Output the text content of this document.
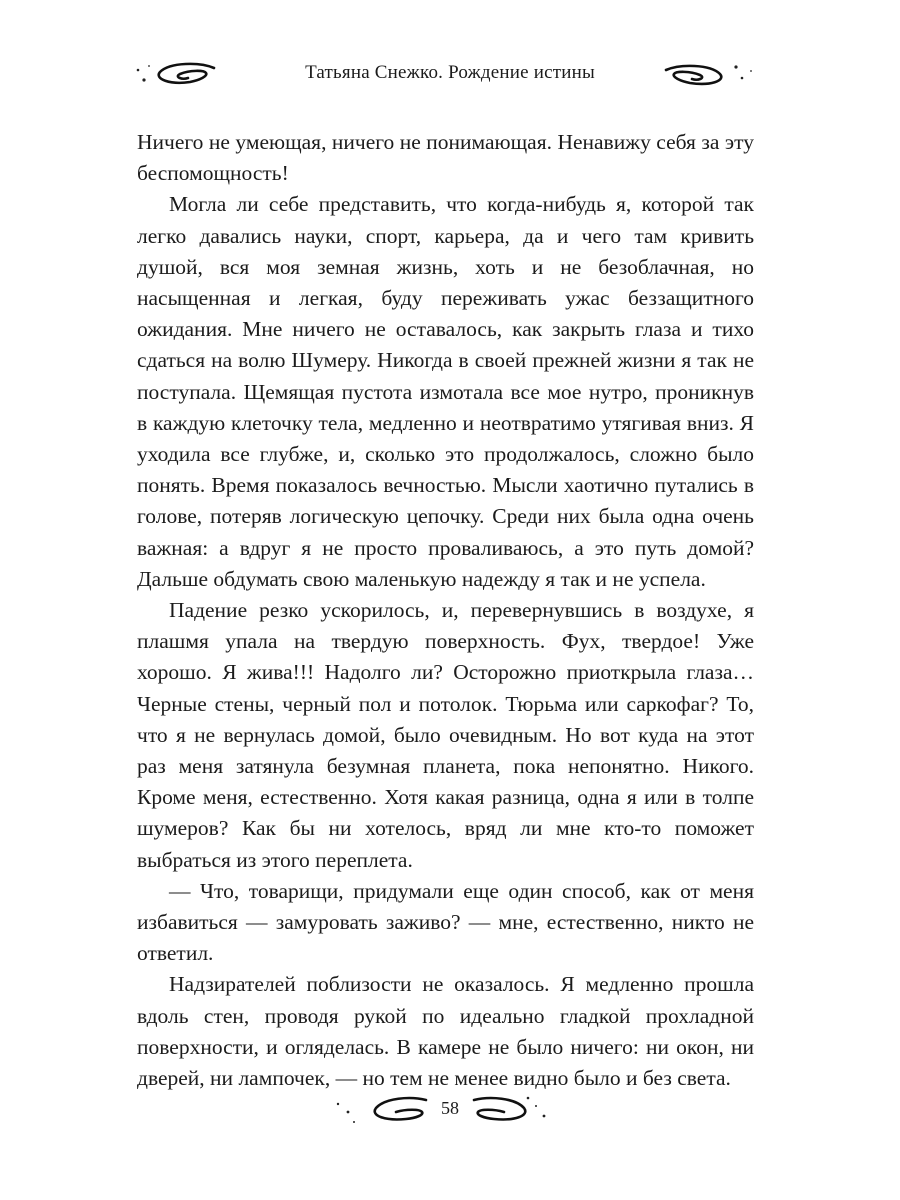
Татьяна Снежко. Рождение истины

Ничего не умеющая, ничего не понимающая. Ненавижу себя за эту беспомощность!

Могла ли себе представить, что когда-нибудь я, которой так легко давались науки, спорт, карьера, да и чего там кривить душой, вся моя земная жизнь, хоть и не безоблачная, но насыщенная и легкая, буду переживать ужас беззащитного ожидания. Мне ничего не оставалось, как закрыть глаза и тихо сдаться на волю Шумеру. Никогда в своей прежней жизни я так не поступала. Щемящая пустота измотала все мое нутро, проникнув в каждую клеточку тела, медленно и неотвратимо утягивая вниз. Я уходила все глубже, и, сколько это продолжалось, сложно было понять. Время показалось вечностью. Мысли хаотично путались в голове, потеряв логическую цепочку. Среди них была одна очень важная: а вдруг я не просто проваливаюсь, а это путь домой? Дальше обдумать свою маленькую надежду я так и не успела.

Падение резко ускорилось, и, перевернувшись в воздухе, я плашмя упала на твердую поверхность. Фух, твердое! Уже хорошо. Я жива!!! Надолго ли? Осторожно приоткрыла глаза… Черные стены, черный пол и потолок. Тюрьма или саркофаг? То, что я не вернулась домой, было очевидным. Но вот куда на этот раз меня затянула безумная планета, пока непонятно. Никого. Кроме меня, естественно. Хотя какая разница, одна я или в толпе шумеров? Как бы ни хотелось, вряд ли мне кто-то поможет выбраться из этого переплета.

— Что, товарищи, придумали еще один способ, как от меня избавиться — замуровать заживо? — мне, естественно, никто не ответил.

Надзирателей поблизости не оказалось. Я медленно прошла вдоль стен, проводя рукой по идеально гладкой прохладной поверхности, и огляделась. В камере не было ничего: ни окон, ни дверей, ни лампочек, — но тем не менее видно было и без света.

58
